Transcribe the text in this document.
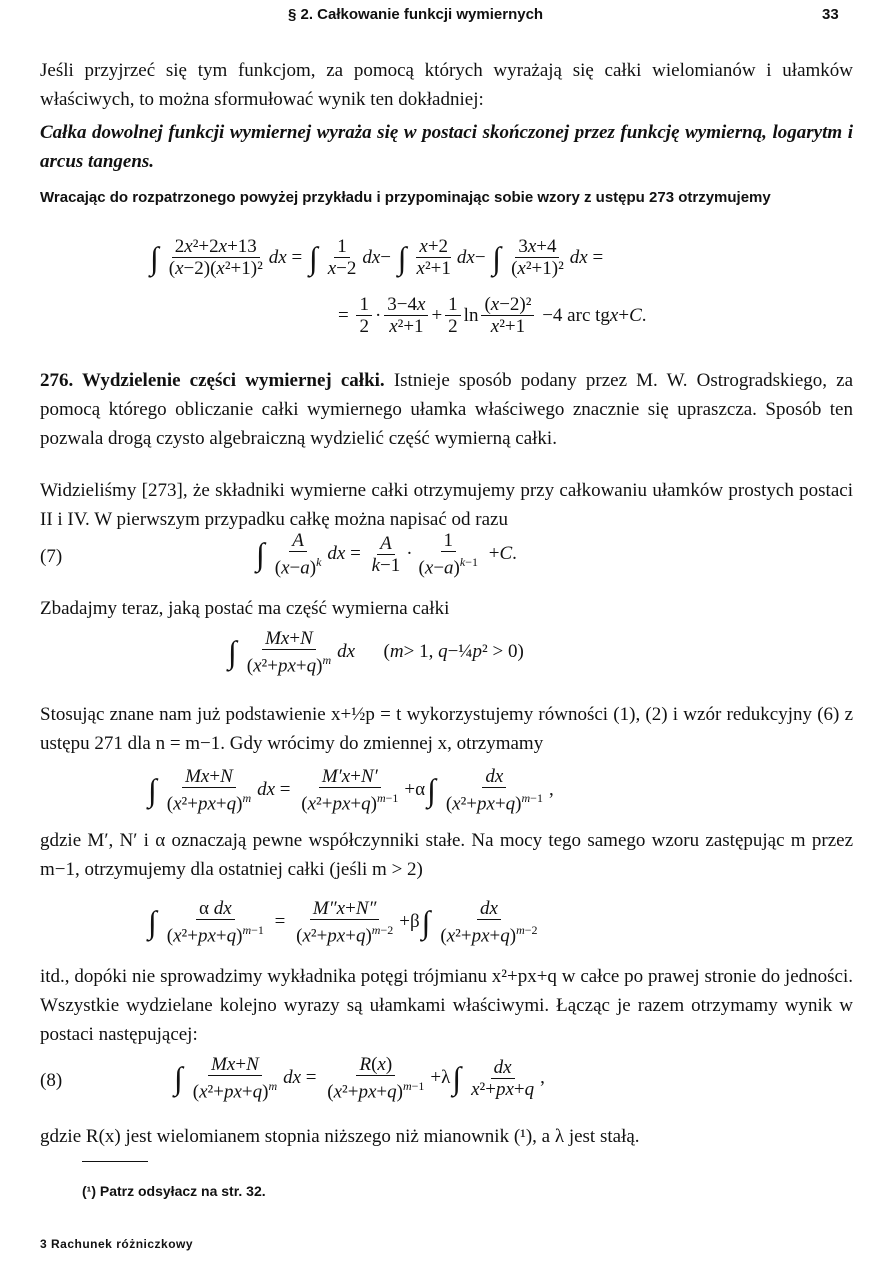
§ 2. Całkowanie funkcji wymiernych	33
Jeśli przyjrzeć się tym funkcjom, za pomocą których wyrażają się całki wielomianów i ułamków właściwych, to można sformułować wynik ten dokładniej:
Całka dowolnej funkcji wymiernej wyraża się w postaci skończonej przez funkcję wymierną, logarytm i arcus tangens.
Wracając do rozpatrzonego powyżej przykładu i przypominając sobie wzory z ustępu 273 otrzymujemy
∫ $\frac{\text{2x²+2x+13}}{\text{(x−2)(x²+1)²}}$ dx = ∫ $\frac{1}{x-2}$ dx − ∫ $\frac{x+2}{\text{x²+1}}$ dx − ∫ $\frac{3x+4}{\text{(x²+1)²}}$ dx =
= $\frac{1}{2} \cdot \frac{3-4x}{\text{x²+1}} + \frac{1}{2}$ $\ln \frac{\text{(x−2)²}}{\text{x²+1}} -4$ arc tg x + C .
276. Wydzielenie części wymiernej całki. Istnieje sposób podany przez M. W. Ostrogradskiego, za pomocą którego obliczanie całki wymiernego ułamka właściwego znacznie się upraszcza. Sposób ten pozwala drogą czysto algebraiczną wydzielić część wymierną całki.
Widzieliśmy [273], że składniki wymierne całki otrzymujemy przy całkowaniu ułamków prostych postaci II i IV. W pierwszym przypadku całkę można napisać od razu
(7)	∫ $\frac{A}{(x-a)^k}$ dx = $\frac{A}{k-1} \cdot \frac{1}{(x-a)^{k-1}} + C$ .
Zbadajmy teraz, jaką postać ma część wymierna całki
∫ $\frac{Mx+N}{(x^2+px+q)^m}$ dx ( m > 1, q −¼ p ² > 0)
Stosując znane nam już podstawienie x+½p = t wykorzystujemy równości (1), (2) i wzór redukcyjny (6) z ustępu 271 dla n = m−1. Gdy wrócimy do zmiennej x, otrzymamy
∫ $\frac{Mx+N}{(x^2+px+q)^m}$ dx = $\frac{M'x+N'}{(x^2+px+q)^{m-1}} +\alpha$ ∫ $\frac{dx}{(x^2+px+q)^{m-1}}$ ,
gdzie M′, N′ i α oznaczają pewne współczynniki stałe. Na mocy tego samego wzoru zastępując m przez m−1, otrzymujemy dla ostatniej całki (jeśli m > 2)
∫ $\frac{\text{α dx}}{(x^2+px+q)^{m-1}} = \frac{M''x+N''}{(x^2+px+q)^{m-2}} +\beta$ ∫ $\frac{dx}{(x^2+px+q)^{m-2}}$
itd., dopóki nie sprowadzimy wykładnika potęgi trójmianu x²+px+q w całce po prawej stronie do jedności. Wszystkie wydzielane kolejno wyrazy są ułamkami właściwymi. Łącząc je razem otrzymamy wynik w postaci następującej:
(8)	∫ $\frac{Mx+N}{(x^2+px+q)^m}$ dx = $\frac{R(x)}{(x^2+px+q)^{m-1}} +\lambda$ ∫ $\frac{dx}{\text{x²+px+q}}$ ,
gdzie R(x) jest wielomianem stopnia niższego niż mianownik (¹), a λ jest stałą.
(¹) Patrz odsyłacz na str. 32.
3 Rachunek różniczkowy
